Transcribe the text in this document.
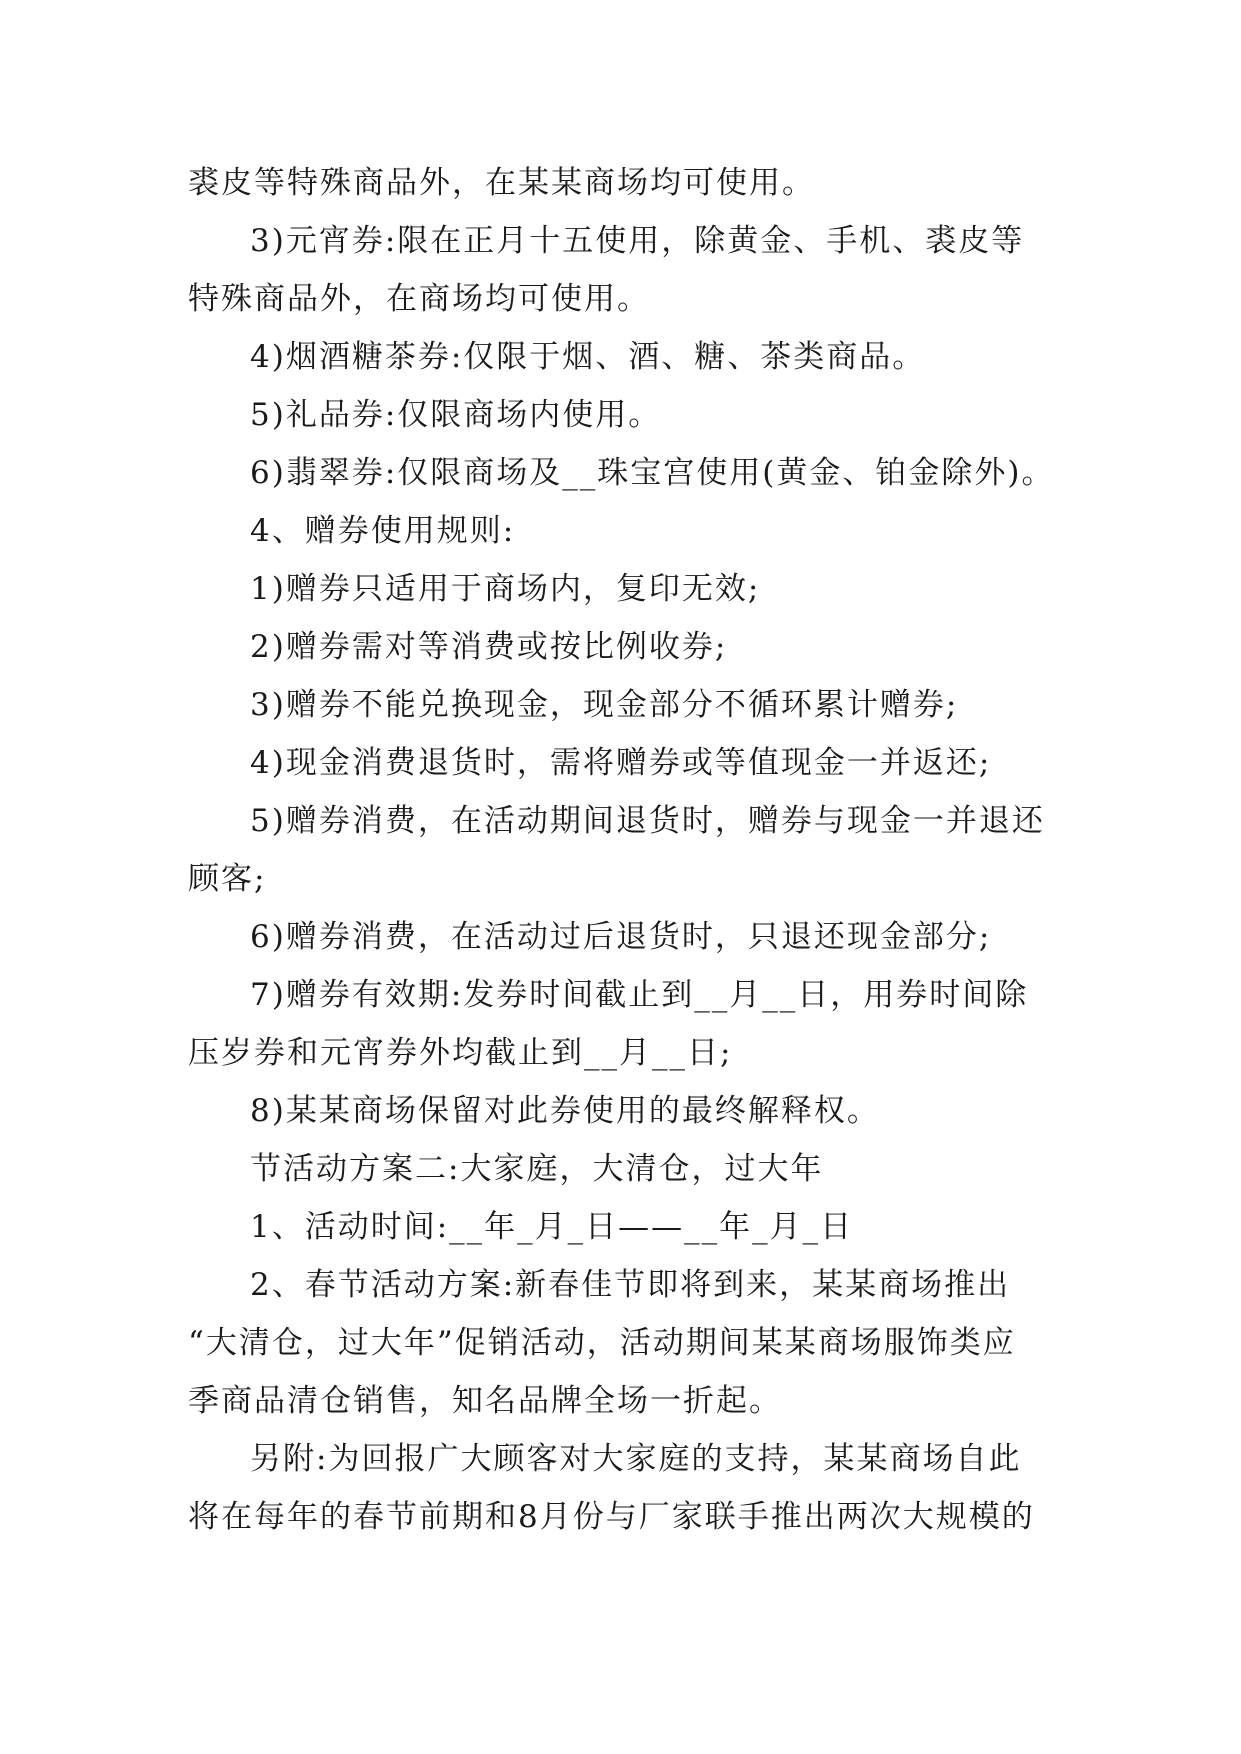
裘皮等特殊商品外，在某某商场均可使用。

3)元宵券:限在正月十五使用，除黄金、手机、裘皮等

特殊商品外，在商场均可使用。

4)烟酒糖茶券:仅限于烟、酒、糖、茶类商品。

5)礼品券:仅限商场内使用。

6)翡翠券:仅限商场及__珠宝宫使用(黄金、铂金除外)。

4、赠券使用规则:

1)赠券只适用于商场内，复印无效;

2)赠券需对等消费或按比例收券;

3)赠券不能兑换现金，现金部分不循环累计赠券;

4)现金消费退货时，需将赠券或等值现金一并返还;

5)赠券消费，在活动期间退货时，赠券与现金一并退还

顾客;

6)赠券消费，在活动过后退货时，只退还现金部分;

7)赠券有效期:发券时间截止到__月__日，用券时间除

压岁券和元宵券外均截止到__月__日;

8)某某商场保留对此券使用的最终解释权。

节活动方案二:大家庭，大清仓，过大年

1、活动时间:__年_月_日——__年_月_日

2、春节活动方案:新春佳节即将到来，某某商场推出

“大清仓，过大年”促销活动，活动期间某某商场服饰类应

季商品清仓销售，知名品牌全场一折起。

另附:为回报广大顾客对大家庭的支持，某某商场自此

将在每年的春节前期和8月份与厂家联手推出两次大规模的
